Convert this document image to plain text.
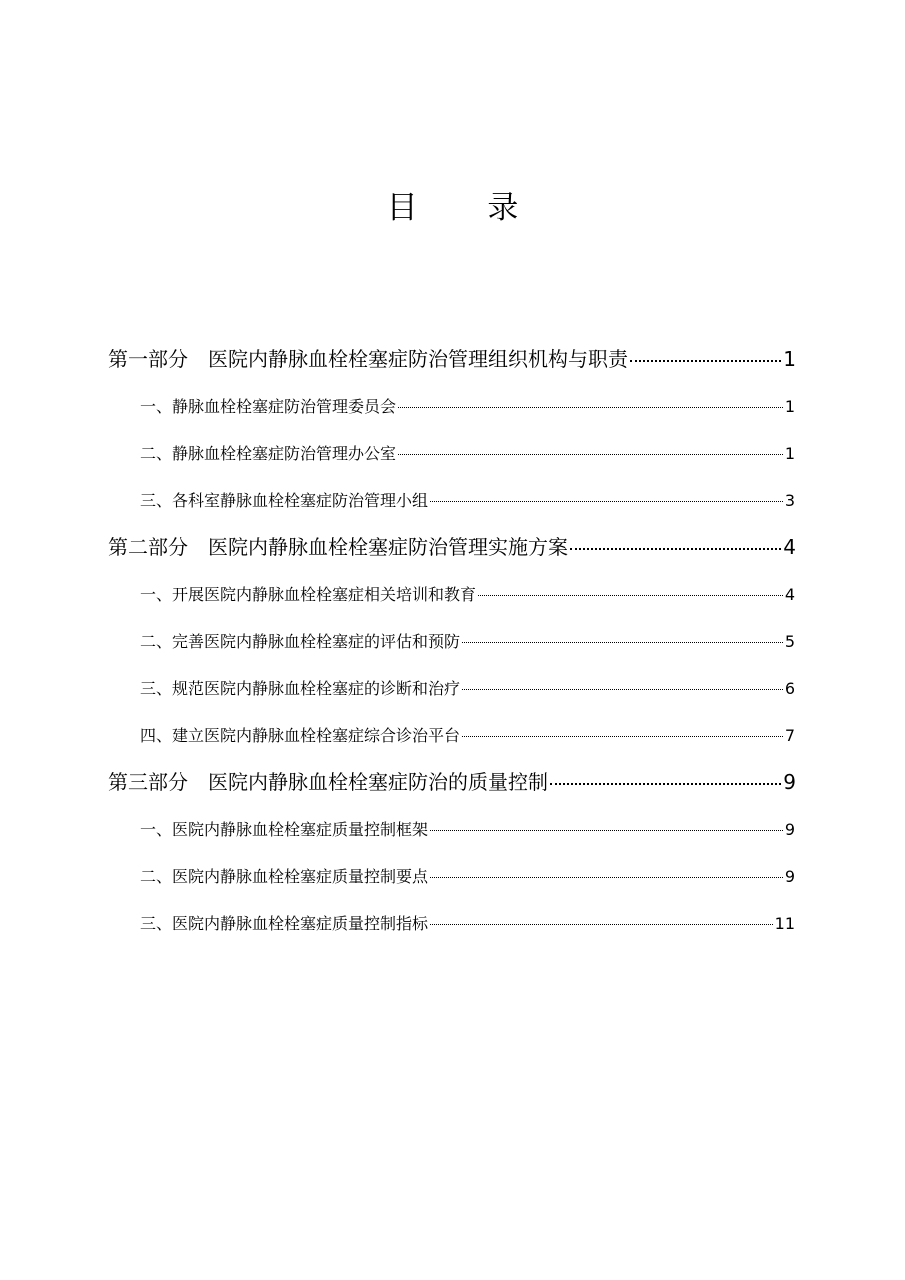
目 录
第一部分 医院内静脉血栓栓塞症防治管理组织机构与职责	1
一、静脉血栓栓塞症防治管理委员会	1
二、静脉血栓栓塞症防治管理办公室	1
三、各科室静脉血栓栓塞症防治管理小组	3
第二部分 医院内静脉血栓栓塞症防治管理实施方案	4
一、开展医院内静脉血栓栓塞症相关培训和教育	4
二、完善医院内静脉血栓栓塞症的评估和预防	5
三、规范医院内静脉血栓栓塞症的诊断和治疗	6
四、建立医院内静脉血栓栓塞症综合诊治平台	7
第三部分 医院内静脉血栓栓塞症防治的质量控制	9
一、医院内静脉血栓栓塞症质量控制框架	9
二、医院内静脉血栓栓塞症质量控制要点	9
三、医院内静脉血栓栓塞症质量控制指标	11
